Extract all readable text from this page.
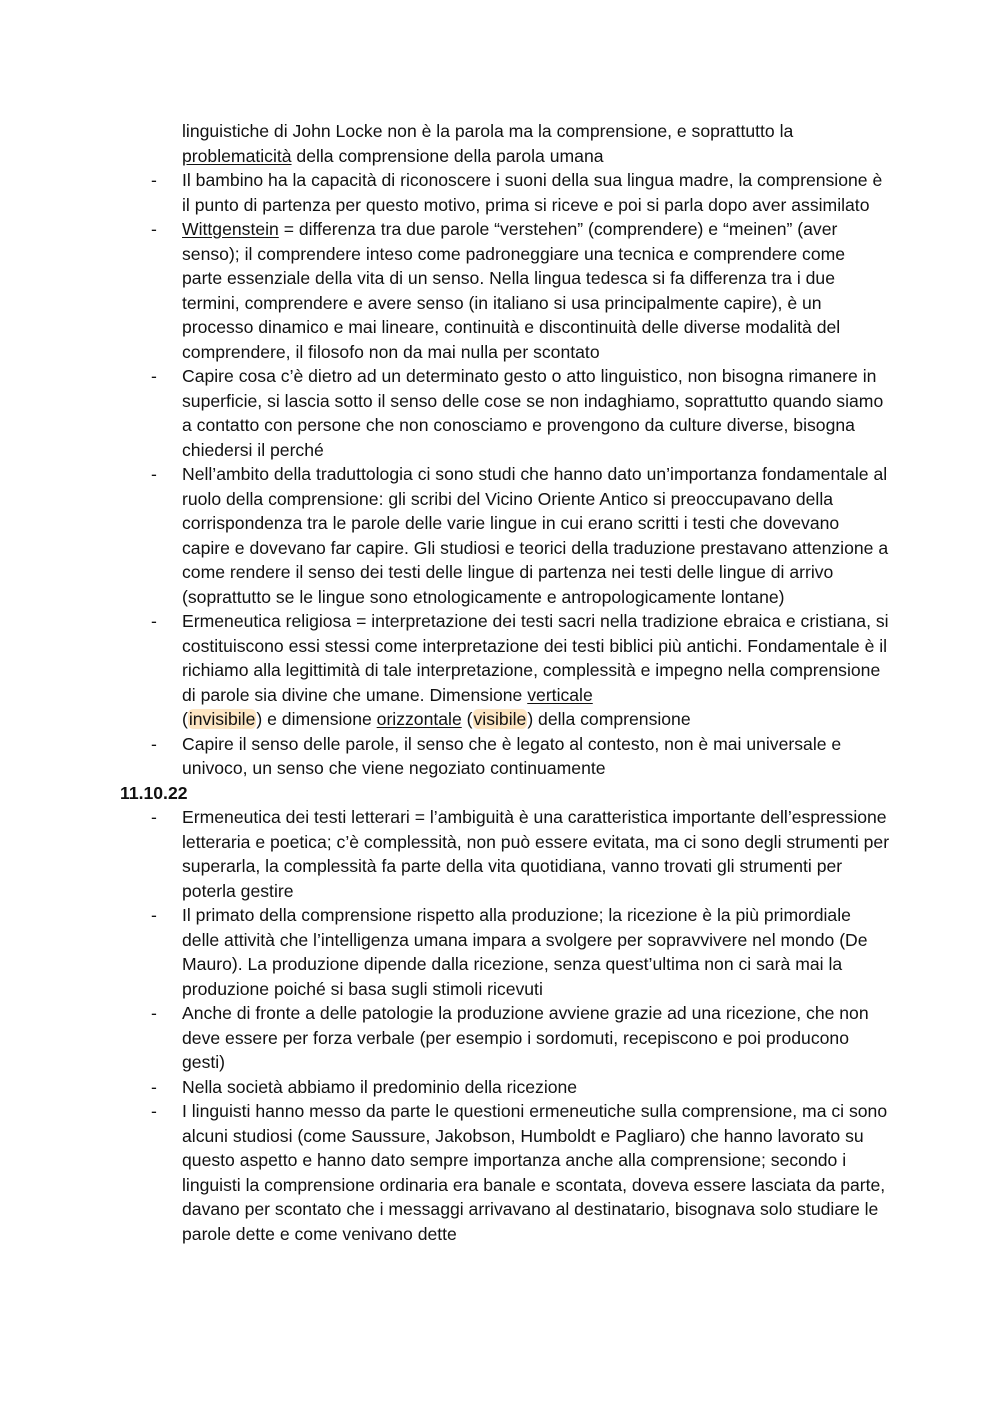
linguistiche di John Locke non è la parola ma la comprensione, e soprattutto la
problematicità della comprensione della parola umana
- Il bambino ha la capacità di riconoscere i suoni della sua lingua madre, la comprensione è il punto di partenza per questo motivo, prima si riceve e poi si parla dopo aver assimilato
- Wittgenstein = differenza tra due parole “verstehen” (comprendere) e “meinen” (aver senso); il comprendere inteso come padroneggiare una tecnica e comprendere come parte essenziale della vita di un senso. Nella lingua tedesca si fa differenza tra i due termini, comprendere e avere senso (in italiano si usa principalmente capire), è un processo dinamico e mai lineare, continuità e discontinuità delle diverse modalità del comprendere, il filosofo non da mai nulla per scontato
- Capire cosa c’è dietro ad un determinato gesto o atto linguistico, non bisogna rimanere in superficie, si lascia sotto il senso delle cose se non indaghiamo, soprattutto quando siamo a contatto con persone che non conosciamo e provengono da culture diverse, bisogna chiedersi il perché
- Nell’ambito della traduttologia ci sono studi che hanno dato un’importanza fondamentale al ruolo della comprensione: gli scribi del Vicino Oriente Antico si preoccupavano della corrispondenza tra le parole delle varie lingue in cui erano scritti i testi che dovevano capire e dovevano far capire. Gli studiosi e teorici della traduzione prestavano attenzione a come rendere il senso dei testi delle lingue di partenza nei testi delle lingue di arrivo (soprattutto se le lingue sono etnologicamente e antropologicamente lontane)
- Ermeneutica religiosa = interpretazione dei testi sacri nella tradizione ebraica e cristiana, si costituiscono essi stessi come interpretazione dei testi biblici più antichi. Fondamentale è il richiamo alla legittimità di tale interpretazione, complessità e impegno nella comprensione di parole sia divine che umane. Dimensione verticale
(invisibile) e dimensione orizzontale (visibile) della comprensione
- Capire il senso delle parole, il senso che è legato al contesto, non è mai universale e univoco, un senso che viene negoziato continuamente
11.10.22
- Ermeneutica dei testi letterari = l’ambiguità è una caratteristica importante dell’espressione letteraria e poetica; c’è complessità, non può essere evitata, ma ci sono degli strumenti per superarla, la complessità fa parte della vita quotidiana, vanno trovati gli strumenti per poterla gestire
- Il primato della comprensione rispetto alla produzione; la ricezione è la più primordiale delle attività che l’intelligenza umana impara a svolgere per sopravvivere nel mondo (De Mauro). La produzione dipende dalla ricezione, senza quest’ultima non ci sarà mai la produzione poiché si basa sugli stimoli ricevuti
- Anche di fronte a delle patologie la produzione avviene grazie ad una ricezione, che non deve essere per forza verbale (per esempio i sordomuti, recepiscono e poi producono gesti)
- Nella società abbiamo il predominio della ricezione
- I linguisti hanno messo da parte le questioni ermeneutiche sulla comprensione, ma ci sono alcuni studiosi (come Saussure, Jakobson, Humboldt e Pagliaro) che hanno lavorato su questo aspetto e hanno dato sempre importanza anche alla comprensione; secondo i linguisti la comprensione ordinaria era banale e scontata, doveva essere lasciata da parte, davano per scontato che i messaggi arrivavano al destinatario, bisognava solo studiare le parole dette e come venivano dette
